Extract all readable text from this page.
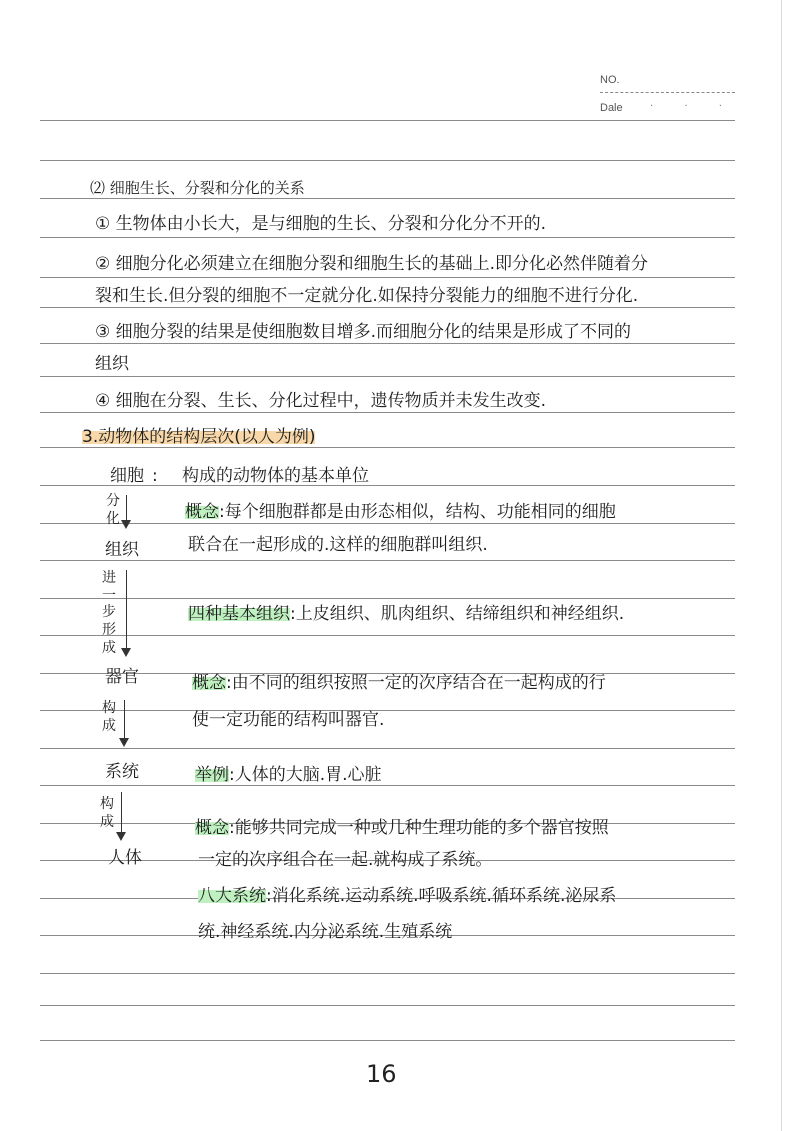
NO.
Dale	· · ·
⑵ 细胞生长、分裂和分化的关系
① 生物体由小长大，是与细胞的生长、分裂和分化分不开的.
② 细胞分化必须建立在细胞分裂和细胞生长的基础上.即分化必然伴随着分
裂和生长.但分裂的细胞不一定就分化.如保持分裂能力的细胞不进行分化.
③ 细胞分裂的结果是使细胞数目增多.而细胞分化的结果是形成了不同的
组织
④ 细胞在分裂、生长、分化过程中，遗传物质并未发生改变.
3.动物体的结构层次(以人为例)
细胞 : 构成的动物体的基本单位
分
化	概念:每个细胞群都是由形态相似，结构、功能相同的细胞
组织	联合在一起形成的.这样的细胞群叫组织.
进
一
步
形
成
四种基本组织:上皮组织、肌肉组织、结缔组织和神经组织.
器官	概念:由不同的组织按照一定的次序结合在一起构成的行
构
成	使一定功能的结构叫器官.
系统	举例:人体的大脑.胃.心脏
构
成	概念:能够共同完成一种或几种生理功能的多个器官按照
人体	一定的次序组合在一起.就构成了系统。
八大系统:消化系统.运动系统.呼吸系统.循环系统.泌尿系
统.神经系统.内分泌系统.生殖系统
16
